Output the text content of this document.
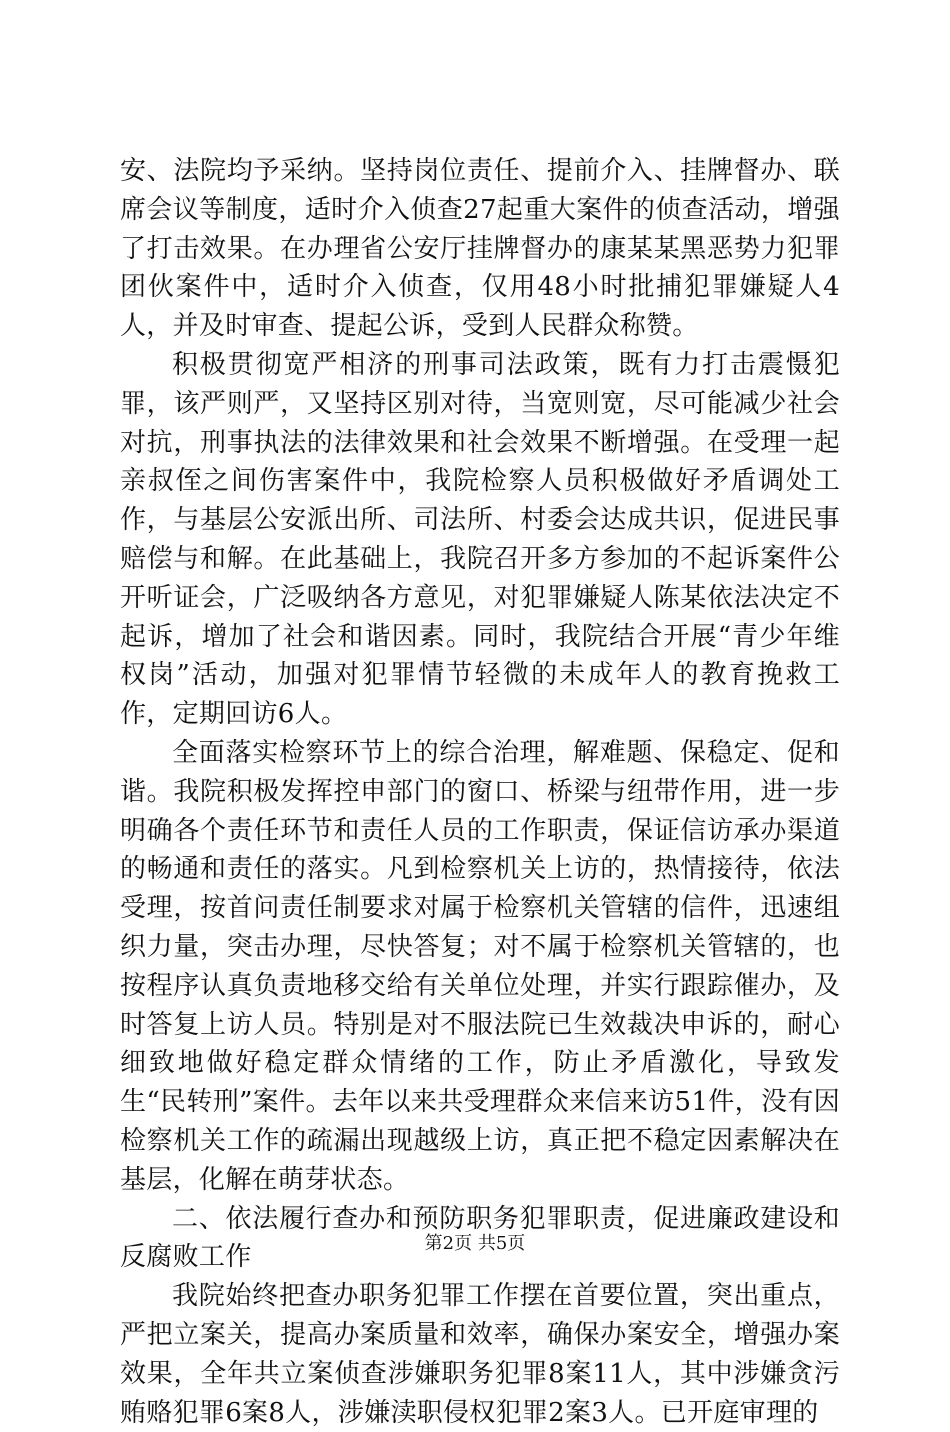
安、法院均予采纳。坚持岗位责任、提前介入、挂牌督办、联席会议等制度，适时介入侦查27起重大案件的侦查活动，增强了打击效果。在办理省公安厅挂牌督办的康某某黑恶势力犯罪团伙案件中，适时介入侦查，仅用48小时批捕犯罪嫌疑人4人，并及时审查、提起公诉，受到人民群众称赞。

积极贯彻宽严相济的刑事司法政策，既有力打击震慑犯罪，该严则严，又坚持区别对待，当宽则宽，尽可能减少社会对抗，刑事执法的法律效果和社会效果不断增强。在受理一起亲叔侄之间伤害案件中，我院检察人员积极做好矛盾调处工作，与基层公安派出所、司法所、村委会达成共识，促进民事赔偿与和解。在此基础上，我院召开多方参加的不起诉案件公开听证会，广泛吸纳各方意见，对犯罪嫌疑人陈某依法决定不起诉，增加了社会和谐因素。同时，我院结合开展“青少年维权岗”活动，加强对犯罪情节轻微的未成年人的教育挽救工作，定期回访6人。

全面落实检察环节上的综合治理，解难题、保稳定、促和谐。我院积极发挥控申部门的窗口、桥梁与纽带作用，进一步明确各个责任环节和责任人员的工作职责，保证信访承办渠道的畅通和责任的落实。凡到检察机关上访的，热情接待，依法受理，按首问责任制要求对属于检察机关管辖的信件，迅速组织力量，突击办理，尽快答复；对不属于检察机关管辖的，也按程序认真负责地移交给有关单位处理，并实行跟踪催办，及时答复上访人员。特别是对不服法院已生效裁决申诉的，耐心细致地做好稳定群众情绪的工作，防止矛盾激化，导致发生“民转刑”案件。去年以来共受理群众来信来访51件，没有因检察机关工作的疏漏出现越级上访，真正把不稳定因素解决在基层，化解在萌芽状态。

二、依法履行查办和预防职务犯罪职责，促进廉政建设和反腐败工作

我院始终把查办职务犯罪工作摆在首要位置，突出重点，严把立案关，提高办案质量和效率，确保办案安全，增强办案效果，全年共立案侦查涉嫌职务犯罪8案11人，其中涉嫌贪污贿赂犯罪6案8人，涉嫌渎职侵权犯罪2案3人。已开庭审理的

第2页 共5页
